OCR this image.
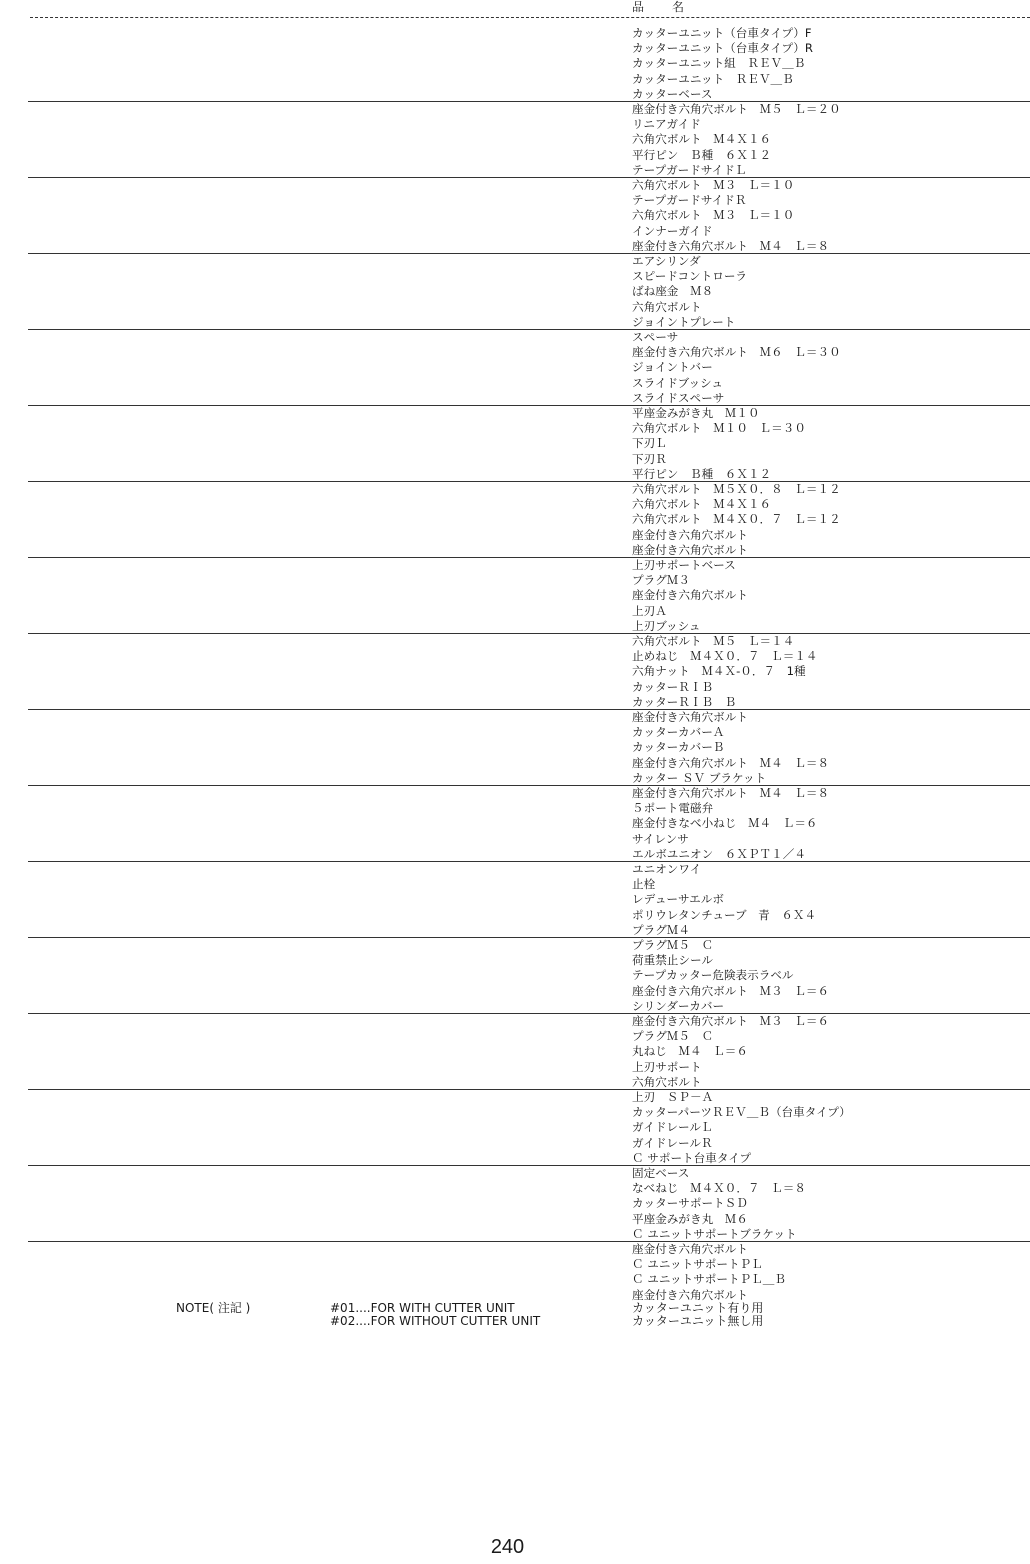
品　名
カッターユニット（台車タイプ）F
カッターユニット（台車タイプ）R
カッターユニット組　ＲＥＶ＿Ｂ
カッターユニット　ＲＥＶ＿Ｂ
カッターベース
座金付き六角穴ボルト　Ｍ５　Ｌ＝２０
リニアガイド
六角穴ボルト　Ｍ４Ｘ１６
平行ピン　Ｂ種　６Ｘ１２
テープガードサイドＬ
六角穴ボルト　Ｍ３　Ｌ＝１０
テープガードサイドＲ
六角穴ボルト　Ｍ３　Ｌ＝１０
インナーガイド
座金付き六角穴ボルト　Ｍ４　Ｌ＝８
エアシリンダ
スピードコントローラ
ばね座金　Ｍ８
六角穴ボルト
ジョイントプレート
スペーサ
座金付き六角穴ボルト　Ｍ６　Ｌ＝３０
ジョイントバー
スライドブッシュ
スライドスペーサ
平座金みがき丸　Ｍ１０
六角穴ボルト　Ｍ１０　Ｌ＝３０
下刃Ｌ
下刃Ｒ
平行ピン　Ｂ種　６Ｘ１２
六角穴ボルト　Ｍ５Ｘ０．８　Ｌ＝１２
六角穴ボルト　Ｍ４Ｘ１６
六角穴ボルト　Ｍ４Ｘ０．７　Ｌ＝１２
座金付き六角穴ボルト
座金付き六角穴ボルト
上刃サポートベース
プラグＭ３
座金付き六角穴ボルト
上刃Ａ
上刃ブッシュ
六角穴ボルト　Ｍ５　Ｌ＝１４
止めねじ　Ｍ４Ｘ０．７　Ｌ＝１４
六角ナット　Ｍ４Ｘ-０．７　1種
カッターＲＩＢ
カッターＲＩＢ　Ｂ
座金付き六角穴ボルト
カッターカバーＡ
カッターカバーＢ
座金付き六角穴ボルト　Ｍ４　Ｌ＝８
カッター ＳＶ ブラケット
座金付き六角穴ボルト　Ｍ４　Ｌ＝８
５ポート電磁弁
座金付きなべ小ねじ　Ｍ４　Ｌ＝６
サイレンサ
エルボユニオン　６ＸＰＴ１／４
ユニオンワイ
止栓
レデューサエルボ
ポリウレタンチューブ　青　６Ｘ４
プラグＭ４
プラグＭ５　Ｃ
荷重禁止シール
テープカッター危険表示ラベル
座金付き六角穴ボルト　Ｍ３　Ｌ＝６
シリンダーカバー
座金付き六角穴ボルト　Ｍ３　Ｌ＝６
プラグＭ５　Ｃ
丸ねじ　Ｍ４　Ｌ＝６
上刃サポート
六角穴ボルト
上刃　ＳＰ－Ａ
カッターパーツＲＥＶ＿Ｂ（台車タイプ）
ガイドレールＬ
ガイドレールＲ
Ｃ サポート台車タイプ
固定ベース
なべねじ　Ｍ４Ｘ０．７　Ｌ＝８
カッターサポートＳＤ
平座金みがき丸　Ｍ６
Ｃ ユニットサポートブラケット
座金付き六角穴ボルト
Ｃ ユニットサポートＰＬ
Ｃ ユニットサポートＰＬ＿Ｂ
座金付き六角穴ボルト
NOTE( 注記 )	#01....FOR WITH CUTTER UNIT
#02....FOR WITHOUT CUTTER UNIT
カッターユニット有り用
カッターユニット無し用
240
